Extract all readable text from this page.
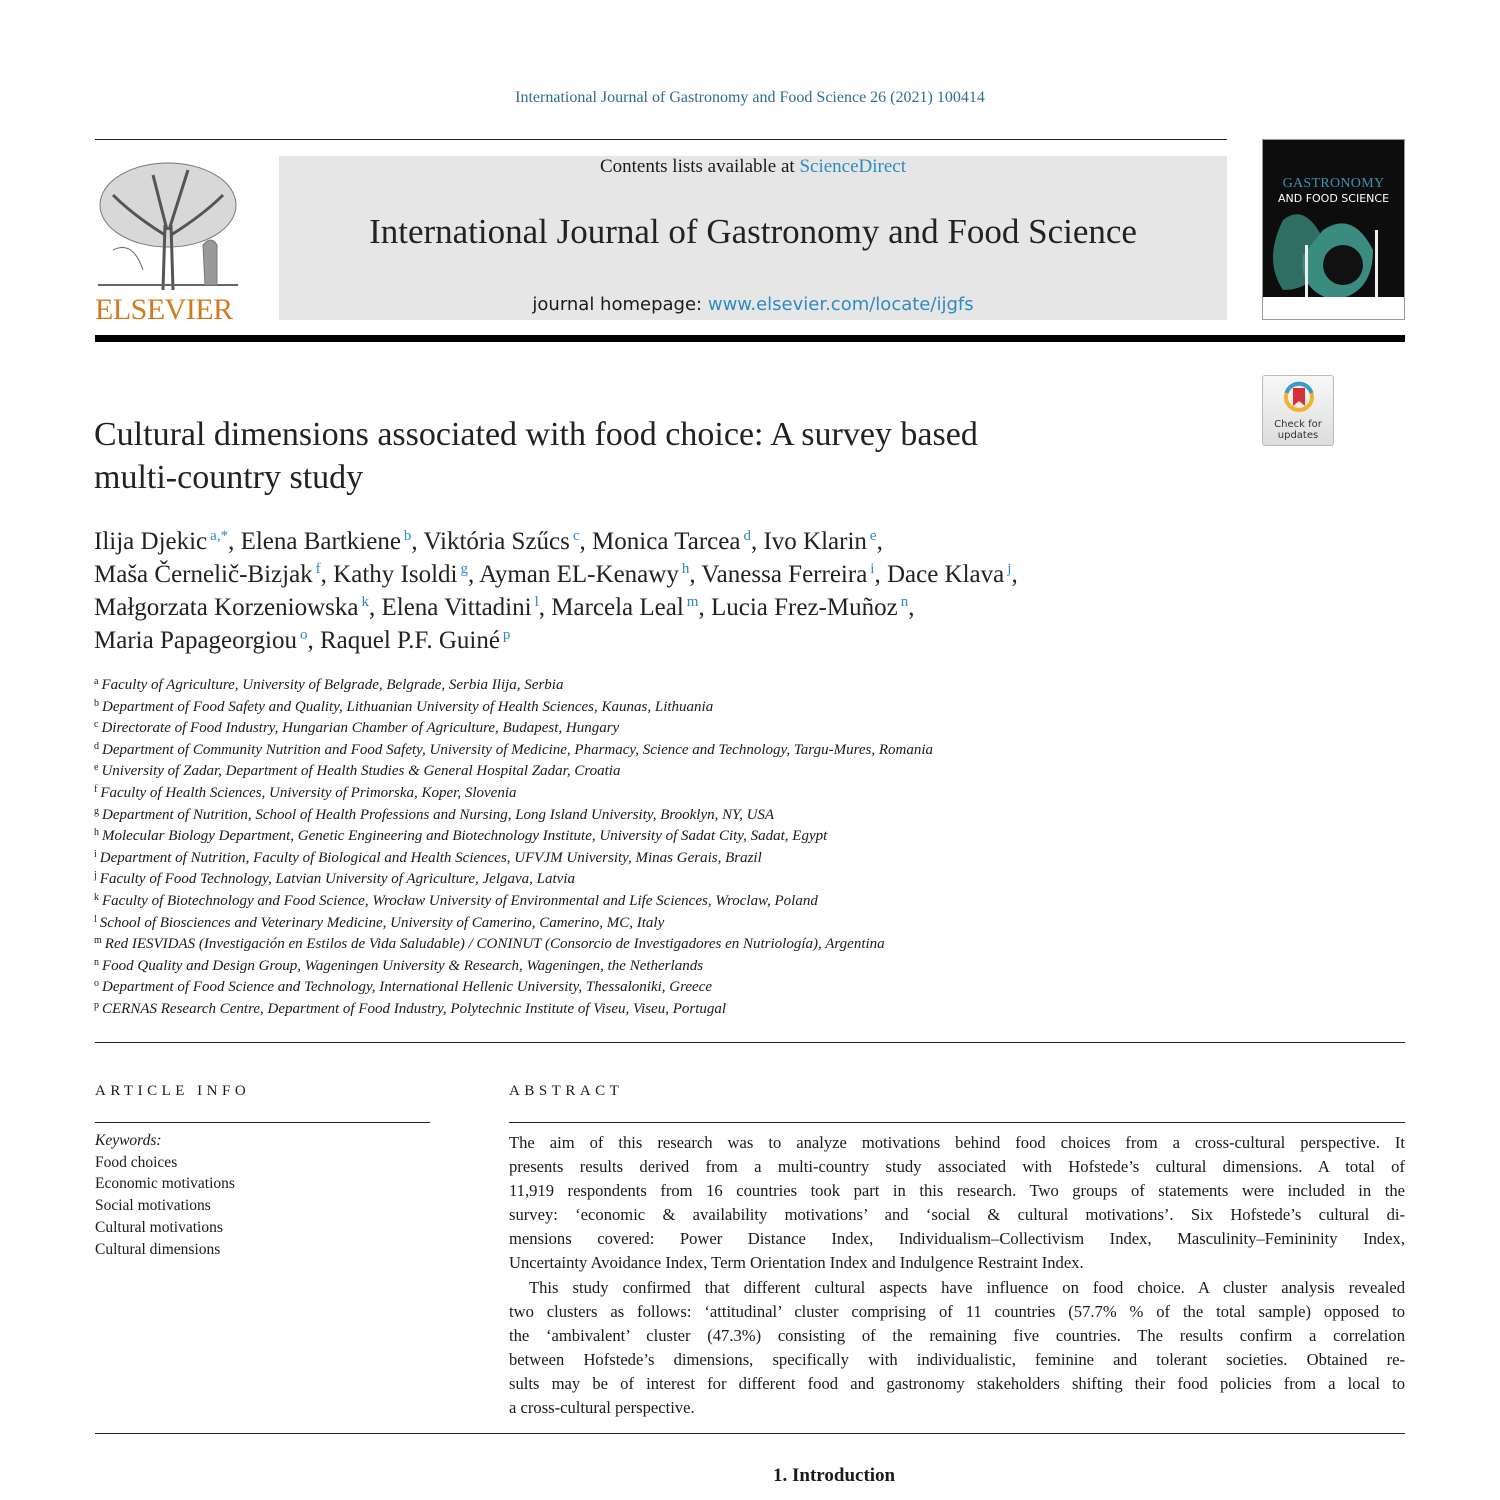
International Journal of Gastronomy and Food Science 26 (2021) 100414
ELSEVIER
Contents lists available at ScienceDirect
International Journal of Gastronomy and Food Science
journal homepage: www.elsevier.com/locate/ijgfs
GASTRONOMY
AND FOOD SCIENCE
Check for updates
Cultural dimensions associated with food choice: A survey based
multi-country study
Ilija Djekic $^{a,*}$, Elena Bartkiene $^b$, Viktória Szűcs $^c$, Monica Tarcea $^d$, Ivo Klarin $^e$,
Maša Černelič-Bizjak $^f$, Kathy Isoldi $^g$, Ayman EL-Kenawy $^h$, Vanessa Ferreira $^i$, Dace Klava $^j$,
Małgorzata Korzeniowska $^k$, Elena Vittadini $^l$, Marcela Leal $^m$, Lucia Frez-Muñoz $^n$,
Maria Papageorgiou $^o$, Raquel P.F. Guiné $^p$
$^a$ Faculty of Agriculture, University of Belgrade, Belgrade, Serbia Ilija, Serbia
$^b$ Department of Food Safety and Quality, Lithuanian University of Health Sciences, Kaunas, Lithuania
$^c$ Directorate of Food Industry, Hungarian Chamber of Agriculture, Budapest, Hungary
$^d$ Department of Community Nutrition and Food Safety, University of Medicine, Pharmacy, Science and Technology, Targu-Mures, Romania
$^e$ University of Zadar, Department of Health Studies & General Hospital Zadar, Croatia
$^f$ Faculty of Health Sciences, University of Primorska, Koper, Slovenia
$^g$ Department of Nutrition, School of Health Professions and Nursing, Long Island University, Brooklyn, NY, USA
$^h$ Molecular Biology Department, Genetic Engineering and Biotechnology Institute, University of Sadat City, Sadat, Egypt
$^i$ Department of Nutrition, Faculty of Biological and Health Sciences, UFVJM University, Minas Gerais, Brazil
$^j$ Faculty of Food Technology, Latvian University of Agriculture, Jelgava, Latvia
$^k$ Faculty of Biotechnology and Food Science, Wrocław University of Environmental and Life Sciences, Wroclaw, Poland
$^l$ School of Biosciences and Veterinary Medicine, University of Camerino, Camerino, MC, Italy
$^m$ Red IESVIDAS (Investigación en Estilos de Vida Saludable) / CONINUT (Consorcio de Investigadores en Nutriología), Argentina
$^n$ Food Quality and Design Group, Wageningen University & Research, Wageningen, the Netherlands
$^o$ Department of Food Science and Technology, International Hellenic University, Thessaloniki, Greece
$^p$ CERNAS Research Centre, Department of Food Industry, Polytechnic Institute of Viseu, Viseu, Portugal
ARTICLE INFO	ABSTRACT
Keywords:
Food choices
Economic motivations
Social motivations
Cultural motivations
Cultural dimensions
The aim of this research was to analyze motivations behind food choices from a cross-cultural perspective. It
presents results derived from a multi-country study associated with Hofstede’s cultural dimensions. A total of
11,919 respondents from 16 countries took part in this research. Two groups of statements were included in the
survey: ‘economic & availability motivations’ and ‘social & cultural motivations’. Six Hofstede’s cultural di-
mensions covered: Power Distance Index, Individualism–Collectivism Index, Masculinity–Femininity Index,
Uncertainty Avoidance Index, Term Orientation Index and Indulgence Restraint Index.
This study confirmed that different cultural aspects have influence on food choice. A cluster analysis revealed
two clusters as follows: ‘attitudinal’ cluster comprising of 11 countries (57.7% % of the total sample) opposed to
the ‘ambivalent’ cluster (47.3%) consisting of the remaining five countries. The results confirm a correlation
between Hofstede’s dimensions, specifically with individualistic, feminine and tolerant societies. Obtained re-
sults may be of interest for different food and gastronomy stakeholders shifting their food policies from a local to
a cross-cultural perspective.
1. Introduction
